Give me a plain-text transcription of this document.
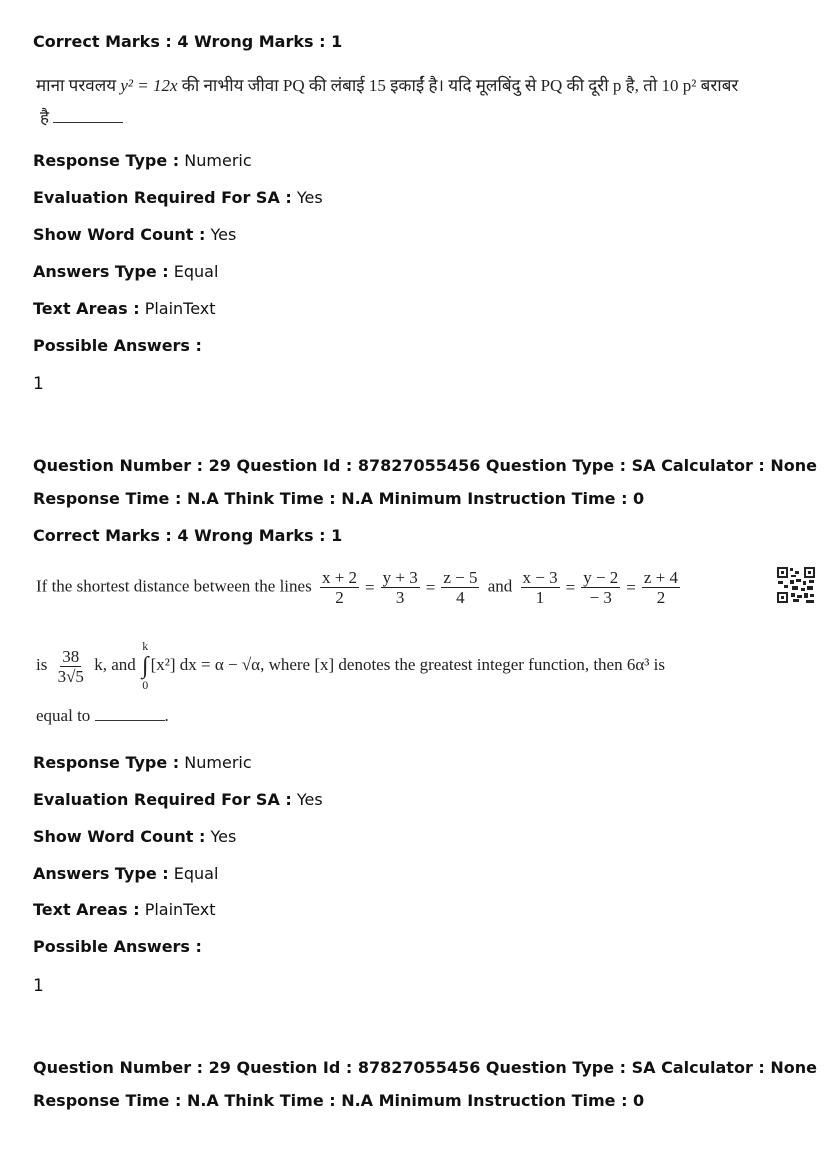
Correct Marks : 4 Wrong Marks : 1
माना परवलय y² = 12x की नाभीय जीवा PQ की लंबाई 15 इकाईं है। यदि मूलबिंदु से PQ की दूरी p है, तो 10 p² बराबर
है
Response Type : Numeric
Evaluation Required For SA : Yes
Show Word Count : Yes
Answers Type : Equal
Text Areas : PlainText
Possible Answers :
1
Question Number : 29 Question Id : 87827055456 Question Type : SA Calculator : None
Response Time : N.A Think Time : N.A Minimum Instruction Time : 0
Correct Marks : 4 Wrong Marks : 1
If the shortest distance between the lines $\frac{x + 2}{2} = \frac{y + 3}{3} = \frac{z - 5}{4}$ and $\frac{x - 3}{1} = \frac{y - 2}{- 3} = \frac{z + 4}{2}$
is $\frac{38}{3√5} k$, and
k
∫
0
[x²] dx = α − √α, where [x] denotes the greatest integer function, then 6α³ is
equal to	.
Response Type : Numeric
Evaluation Required For SA : Yes
Show Word Count : Yes
Answers Type : Equal
Text Areas : PlainText
Possible Answers :
1
Question Number : 29 Question Id : 87827055456 Question Type : SA Calculator : None
Response Time : N.A Think Time : N.A Minimum Instruction Time : 0
